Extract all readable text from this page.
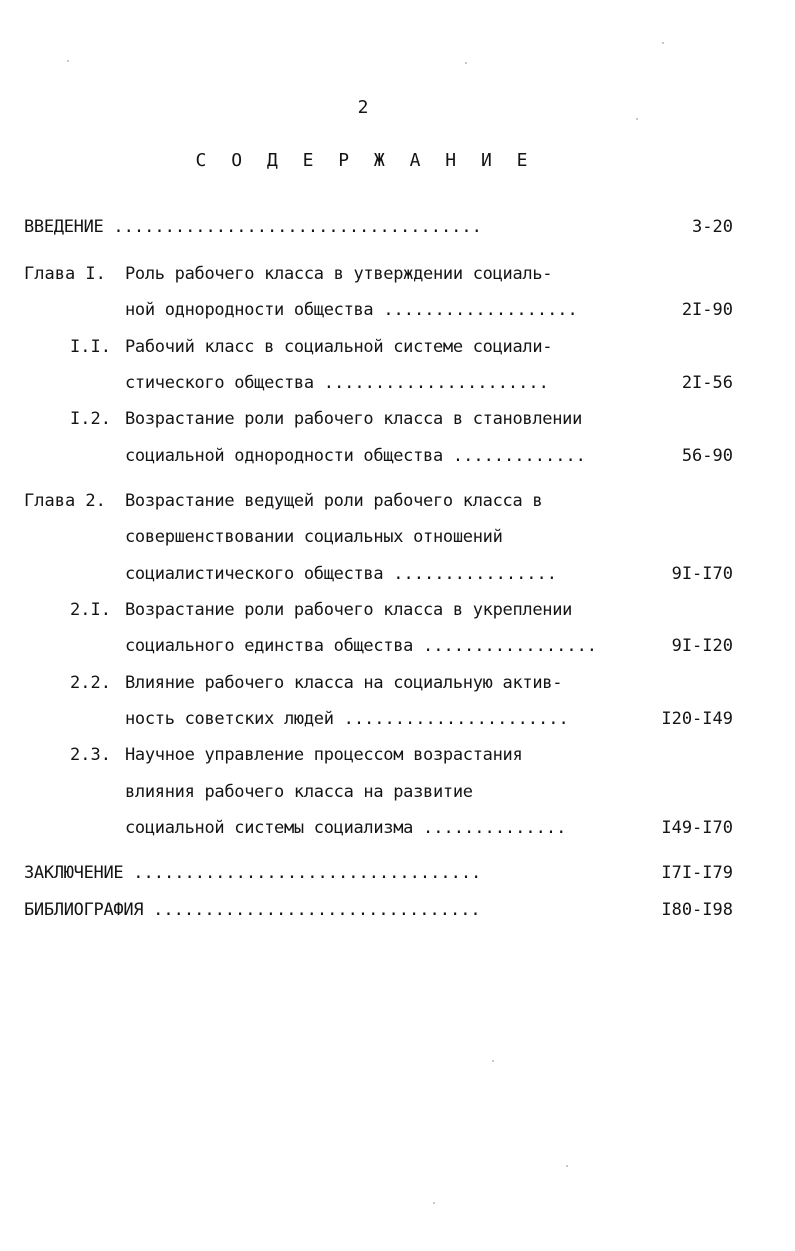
2
С О Д Е Р Ж А Н И Е
ВВЕДЕНИЕ ....................................	3-20
Глава I. Роль рабочего класса в утверждении социаль-
ной однородности общества ...................	2I-90
I.I. Рабочий класс в социальной системе социали-
стического общества ......................	2I-56
I.2. Возрастание роли рабочего класса в становлении
социальной однородности общества .............	56-90
Глава 2. Возрастание ведущей роли рабочего класса в
совершенствовании социальных отношений
социалистического общества ................	9I-I70
2.I. Возрастание роли рабочего класса в укреплении
социального единства общества .................	9I-I20
2.2. Влияние рабочего класса на социальную актив-
ность советских людей ......................	I20-I49
2.3. Научное управление процессом возрастания
влияния рабочего класса на развитие
социальной системы социализма ..............	I49-I70
ЗАКЛЮЧЕНИЕ ..................................	I7I-I79
БИБЛИОГРАФИЯ ................................	I80-I98
